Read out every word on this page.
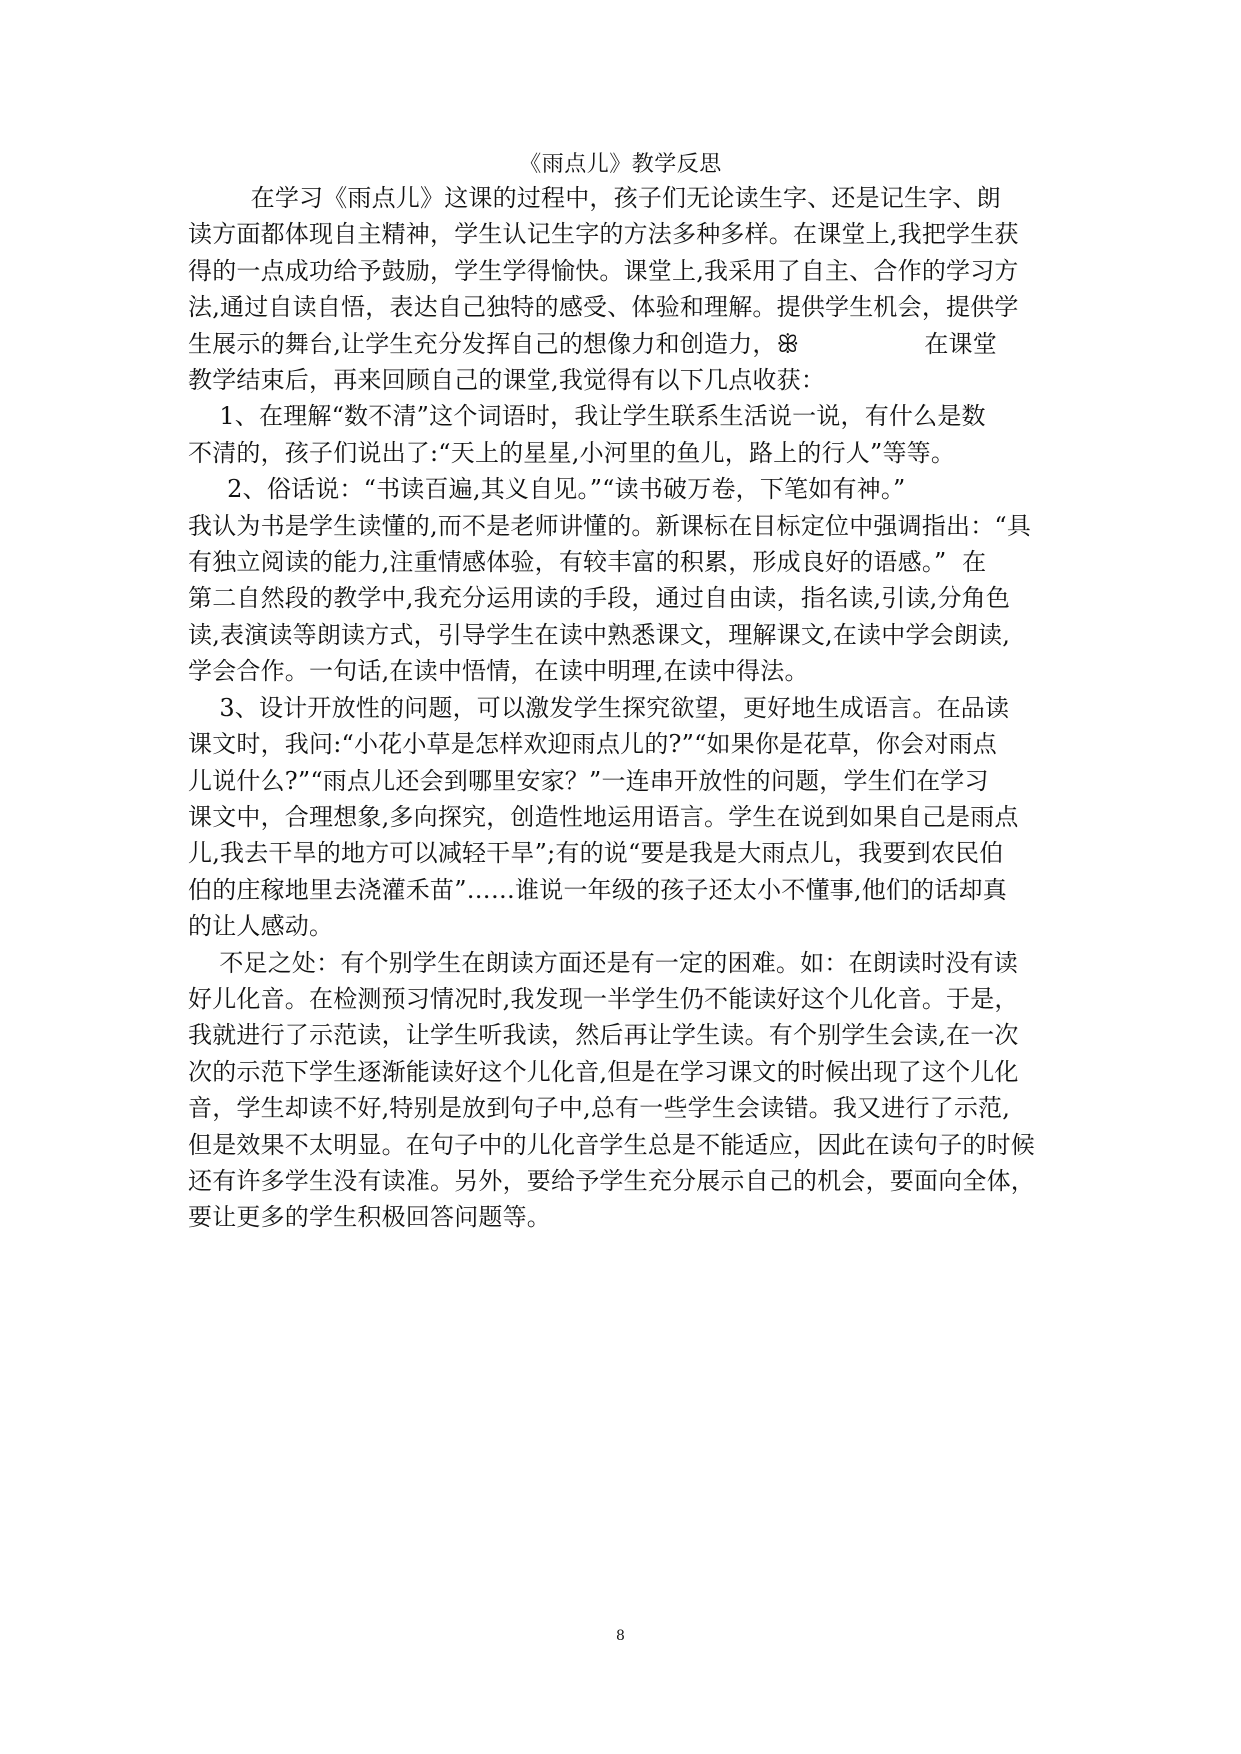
《雨点儿》教学反思
在学习《雨点儿》这课的过程中，孩子们无论读生字、还是记生字、朗
读方面都体现自主精神，学生认记生字的方法多种多样。在课堂上,我把学生获
得的一点成功给予鼓励，学生学得愉快。课堂上,我采用了自主、合作的学习方
法,通过自读自悟，表达自己独特的感受、体验和理解。提供学生机会，提供学
生展示的舞台,让学生充分发挥自己的想像力和创造力，ꕥ                在课堂
教学结束后，再来回顾自己的课堂,我觉得有以下几点收获：
1、在理解“数不清”这个词语时，我让学生联系生活说一说，有什么是数
不清的，孩子们说出了:“天上的星星,小河里的鱼儿，路上的行人”等等。
2、俗话说：“书读百遍,其义自见。”“读书破万卷，下笔如有神。”
我认为书是学生读懂的,而不是老师讲懂的。新课标在目标定位中强调指出：“具
有独立阅读的能力,注重情感体验，有较丰富的积累，形成良好的语感。”  在
第二自然段的教学中,我充分运用读的手段，通过自由读，指名读,引读,分角色
读,表演读等朗读方式，引导学生在读中熟悉课文，理解课文,在读中学会朗读,
学会合作。一句话,在读中悟情，在读中明理,在读中得法。
3、设计开放性的问题，可以激发学生探究欲望，更好地生成语言。在品读
课文时，我问:“小花小草是怎样欢迎雨点儿的?”“如果你是花草，你会对雨点
儿说什么?”“雨点儿还会到哪里安家？”一连串开放性的问题，学生们在学习
课文中，合理想象,多向探究，创造性地运用语言。学生在说到如果自己是雨点
儿,我去干旱的地方可以减轻干旱”;有的说“要是我是大雨点儿，我要到农民伯
伯的庄稼地里去浇灌禾苗”……谁说一年级的孩子还太小不懂事,他们的话却真
的让人感动。
不足之处：有个别学生在朗读方面还是有一定的困难。如：在朗读时没有读
好儿化音。在检测预习情况时,我发现一半学生仍不能读好这个儿化音。于是，
我就进行了示范读，让学生听我读，然后再让学生读。有个别学生会读,在一次
次的示范下学生逐渐能读好这个儿化音,但是在学习课文的时候出现了这个儿化
音，学生却读不好,特别是放到句子中,总有一些学生会读错。我又进行了示范,
但是效果不太明显。在句子中的儿化音学生总是不能适应，因此在读句子的时候
还有许多学生没有读准。另外，要给予学生充分展示自己的机会，要面向全体，
要让更多的学生积极回答问题等。
8
